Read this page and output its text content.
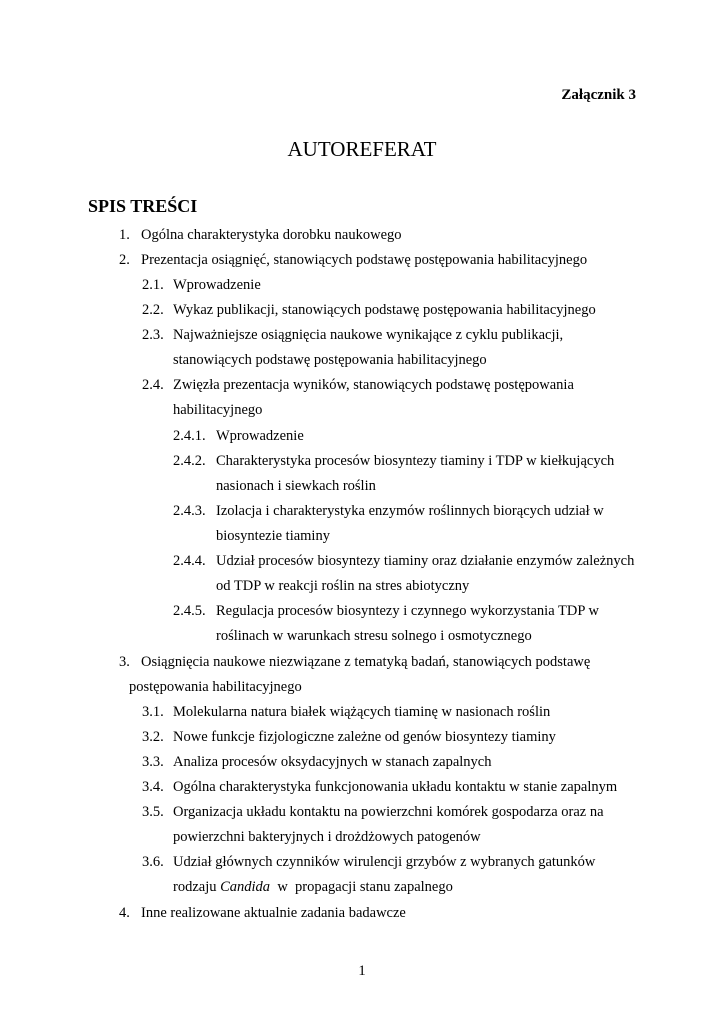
Załącznik 3
AUTOREFERAT
SPIS TREŚCI
1. Ogólna charakterystyka dorobku naukowego
2. Prezentacja osiągnięć, stanowiących podstawę postępowania habilitacyjnego
2.1. Wprowadzenie
2.2. Wykaz publikacji, stanowiących podstawę postępowania habilitacyjnego
2.3. Najważniejsze osiągnięcia naukowe wynikające z cyklu publikacji,
stanowiących podstawę postępowania habilitacyjnego
2.4. Zwięzła prezentacja wyników, stanowiących podstawę postępowania
habilitacyjnego
2.4.1. Wprowadzenie
2.4.2. Charakterystyka procesów biosyntezy tiaminy i TDP w kiełkujących
nasionach i siewkach roślin
2.4.3. Izolacja i charakterystyka enzymów roślinnych biorących udział w
biosyntezie tiaminy
2.4.4. Udział procesów biosyntezy tiaminy oraz działanie enzymów zależnych
od TDP w reakcji roślin na stres abiotyczny
2.4.5. Regulacja procesów biosyntezy i czynnego wykorzystania TDP w
roślinach w warunkach stresu solnego i osmotycznego
3. Osiągnięcia naukowe niezwiązane z tematyką badań, stanowiących podstawę
postępowania habilitacyjnego
3.1. Molekularna natura białek wiążących tiaminę w nasionach roślin
3.2. Nowe funkcje fizjologiczne zależne od genów biosyntezy tiaminy
3.3. Analiza procesów oksydacyjnych w stanach zapalnych
3.4. Ogólna charakterystyka funkcjonowania układu kontaktu w stanie zapalnym
3.5. Organizacja układu kontaktu na powierzchni komórek gospodarza oraz na
powierzchni bakteryjnych i drożdżowych patogenów
3.6. Udział głównych czynników wirulencji grzybów z wybranych gatunków
rodzaju Candida  w  propagacji stanu zapalnego
4. Inne realizowane aktualnie zadania badawcze
1
